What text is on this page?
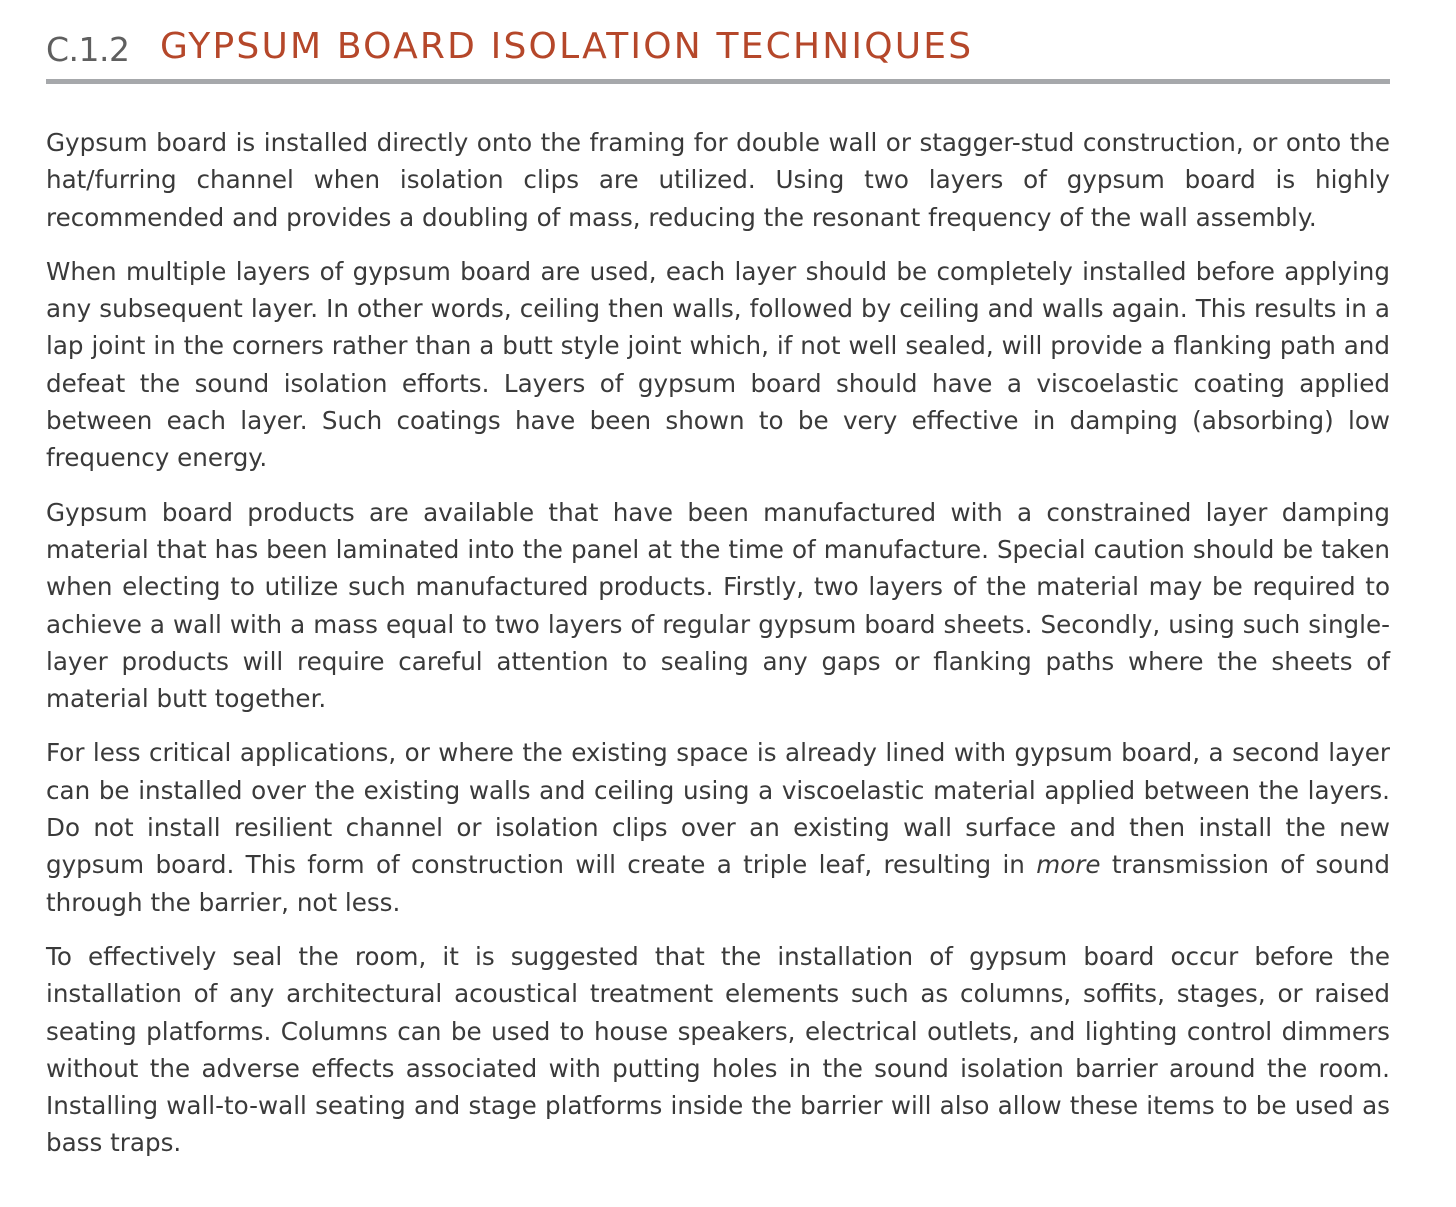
C.1.2 GYPSUM BOARD ISOLATION TECHNIQUES

Gypsum board is installed directly onto the framing for double wall or stagger-stud construction, or onto the hat/furring channel when isolation clips are utilized. Using two layers of gypsum board is highly recommended and provides a doubling of mass, reducing the resonant frequency of the wall assembly.

When multiple layers of gypsum board are used, each layer should be completely installed before applying any subsequent layer. In other words, ceiling then walls, followed by ceiling and walls again. This results in a lap joint in the corners rather than a butt style joint which, if not well sealed, will provide a flanking path and defeat the sound isolation efforts. Layers of gypsum board should have a viscoelastic coating applied between each layer. Such coatings have been shown to be very effective in damping (absorbing) low frequency energy.

Gypsum board products are available that have been manufactured with a constrained layer damping material that has been laminated into the panel at the time of manufacture. Special caution should be taken when electing to utilize such manufactured products. Firstly, two layers of the material may be required to achieve a wall with a mass equal to two layers of regular gypsum board sheets. Secondly, using such single-layer products will require careful attention to sealing any gaps or flanking paths where the sheets of material butt together.

For less critical applications, or where the existing space is already lined with gypsum board, a second layer can be installed over the existing walls and ceiling using a viscoelastic material applied between the layers. Do not install resilient channel or isolation clips over an existing wall surface and then install the new gypsum board. This form of construction will create a triple leaf, resulting in more transmission of sound through the barrier, not less.

To effectively seal the room, it is suggested that the installation of gypsum board occur before the installation of any architectural acoustical treatment elements such as columns, soffits, stages, or raised seating platforms. Columns can be used to house speakers, electrical outlets, and lighting control dimmers without the adverse effects associated with putting holes in the sound isolation barrier around the room. Installing wall-to-wall seating and stage platforms inside the barrier will also allow these items to be used as bass traps.
